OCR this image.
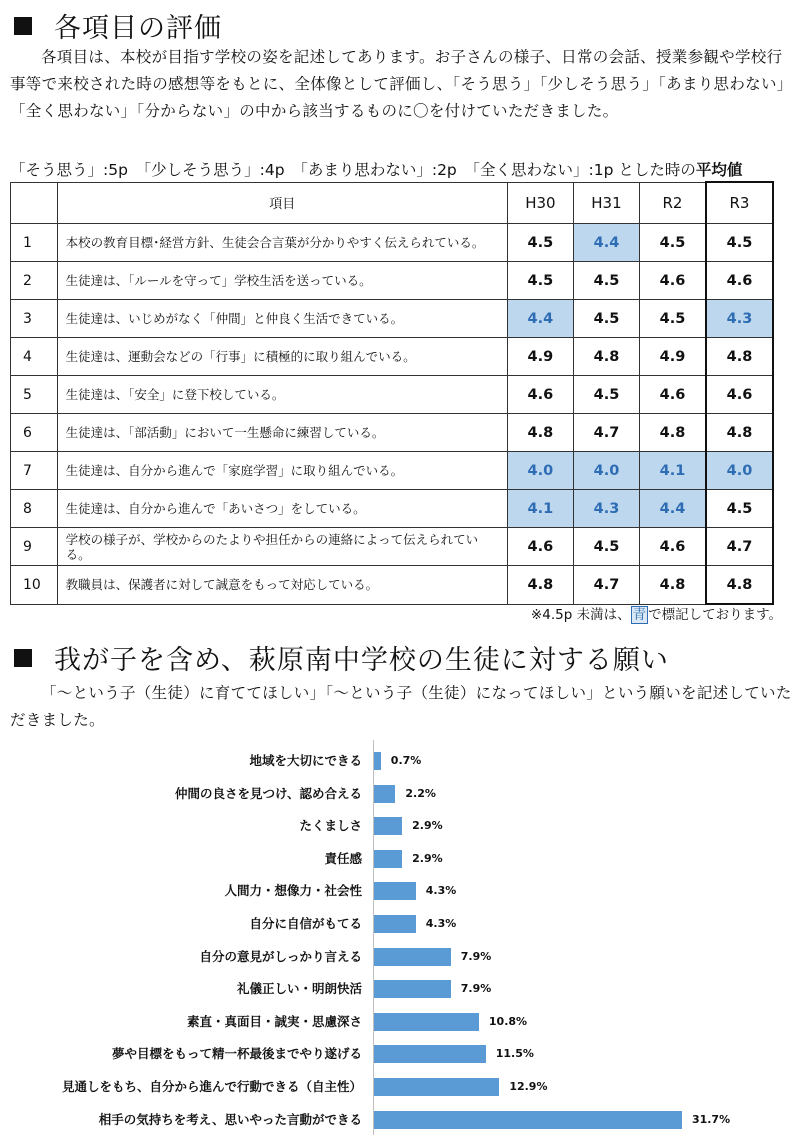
各項目の評価
各項目は、本校が目指す学校の姿を記述してあります。お子さんの様子、日常の会話、授業参観や学校行事等で来校された時の感想等をもとに、全体像として評価し、「そう思う」「少しそう思う」「あまり思わない」「全く思わない」「分からない」の中から該当するものに〇を付けていただきました。
「そう思う」:5p　「少しそう思う」:4p　「あまり思わない」:2p　「全く思わない」:1p とした時の平均値
	項目	H30	H31	R2	R3
1	本校の教育目標･経営方針、生徒会合言葉が分かりやすく伝えられている。	4.5	4.4	4.5	4.5
2	生徒達は、「ルールを守って」学校生活を送っている。	4.5	4.5	4.6	4.6
3	生徒達は、いじめがなく「仲間」と仲良く生活できている。	4.4	4.5	4.5	4.3
4	生徒達は、運動会などの「行事」に積極的に取り組んでいる。	4.9	4.8	4.9	4.8
5	生徒達は、「安全」に登下校している。	4.6	4.5	4.6	4.6
6	生徒達は、「部活動」において一生懸命に練習している。	4.8	4.7	4.8	4.8
7	生徒達は、自分から進んで「家庭学習」に取り組んでいる。	4.0	4.0	4.1	4.0
8	生徒達は、自分から進んで「あいさつ」をしている。	4.1	4.3	4.4	4.5
9	学校の様子が、学校からのたよりや担任からの連絡によって伝えられている。	4.6	4.5	4.6	4.7
10	教職員は、保護者に対して誠意をもって対応している。	4.8	4.7	4.8	4.8
※4.5p 未満は、 青 で標記しております。
我が子を含め、萩原南中学校の生徒に対する願い
「～という子（生徒）に育ててほしい」「～という子（生徒）になってほしい」という願いを記述していただきました。
地域を大切にできる	0.7%
仲間の良さを見つけ、認め合える	2.2%
たくましさ	2.9%
責任感	2.9%
人間力・想像力・社会性	4.3%
自分に自信がもてる	4.3%
自分の意見がしっかり言える	7.9%
礼儀正しい・明朗快活	7.9%
素直・真面目・誠実・思慮深さ	10.8%
夢や目標をもって精一杯最後までやり遂げる	11.5%
見通しをもち、自分から進んで行動できる（自主性）	12.9%
相手の気持ちを考え、思いやった言動ができる	31.7%
